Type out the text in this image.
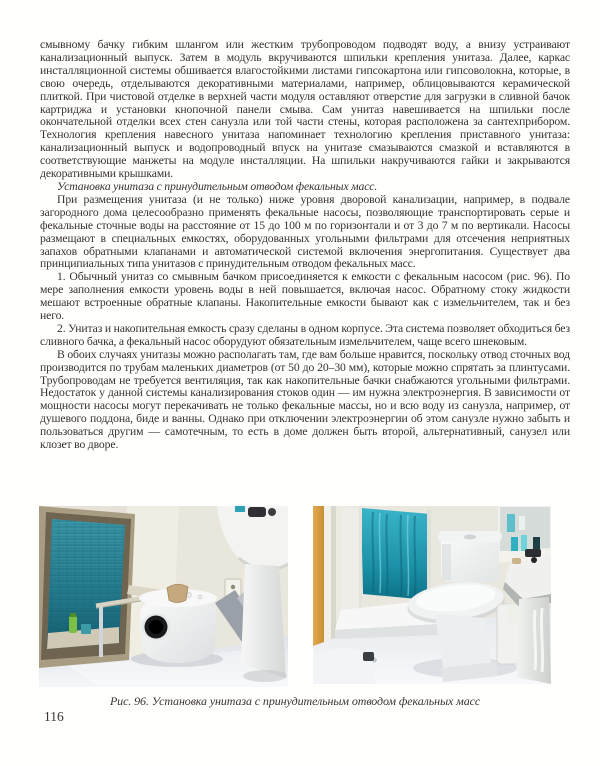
смывному бачку гибким шлангом или жестким трубопроводом подводят воду, а внизу устраивают канализационный выпуск. Затем в модуль вкручиваются шпильки крепления унитаза. Далее, каркас инсталляционной системы обшивается влагостойкими листами гипсокартона или гипсоволокна, которые, в свою очередь, отделываются декоративными материалами, например, облицовываются керамической плиткой. При чистовой отделке в верхней части модуля оставляют отверстие для загрузки в сливной бачок картриджа и установки кнопочной панели смыва. Сам унитаз навешивается на шпильки после окончательной отделки всех стен санузла или той части стены, которая расположена за сантехприбором. Технология крепления навесного унитаза напоминает технологию крепления приставного унитаза: канализационный выпуск и водопроводный впуск на унитазе смазываются смазкой и вставляются в соответствующие манжеты на модуле инсталляции. На шпильки накручиваются гайки и закрываются декоративными крышками.

Установка унитаза с принудительным отводом фекальных масс.

При размещения унитаза (и не только) ниже уровня дворовой канализации, например, в подвале загородного дома целесообразно применять фекальные насосы, позволяющие транспортировать серые и фекальные сточные воды на расстояние от 15 до 100 м по горизонтали и от 3 до 7 м по вертикали. Насосы размещают в специальных емкостях, оборудованных угольными фильтрами для отсечения неприятных запахов обратными клапанами и автоматической системой включения энергопитания. Существует два принципиальных типа унитазов с принудительным отводом фекальных масс.

1. Обычный унитаз со смывным бачком присоединяется к емкости с фекальным насосом (рис. 96). По мере заполнения емкости уровень воды в ней повышается, включая насос. Обратному стоку жидкости мешают встроенные обратные клапаны. Накопительные емкости бывают как с измельчителем, так и без него.

2. Унитаз и накопительная емкость сразу сделаны в одном корпусе. Эта система позволяет обходиться без сливного бачка, а фекальный насос оборудуют обязательным измельчителем, чаще всего шнековым.

В обоих случаях унитазы можно располагать там, где вам больше нравится, поскольку отвод сточных вод производится по трубам маленьких диаметров (от 50 до 20–30 мм), которые можно спрятать за плинтусами. Трубопроводам не требуется вентиляция, так как накопительные бачки снабжаются угольными фильтрами. Недостаток у данной системы канализирования стоков один — им нужна электроэнергия. В зависимости от мощности насосы могут перекачивать не только фекальные массы, но и всю воду из санузла, например, от душевого поддона, биде и ванны. Однако при отключении электроэнергии об этом санузле нужно забыть и пользоваться другим — самотечным, то есть в доме должен быть второй, альтернативный, санузел или клозет во дворе.

Рис. 96. Установка унитаза с принудительным отводом фекальных масс
116
